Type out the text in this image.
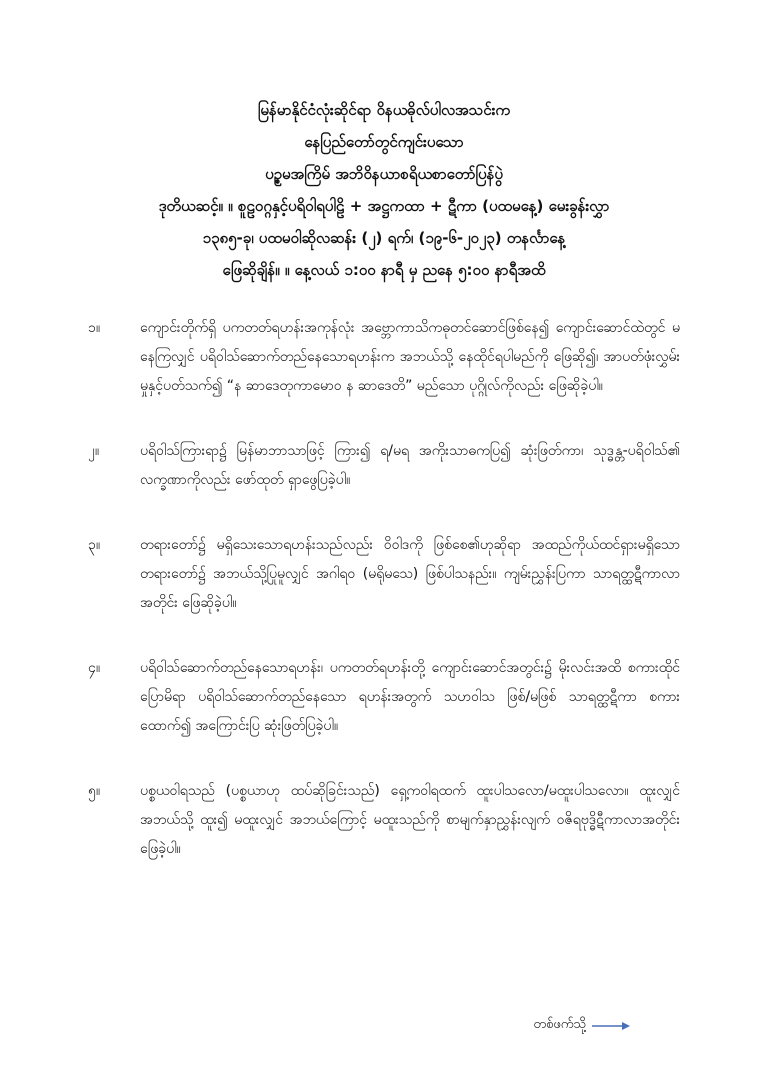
မြန်မာနိုင်ငံလုံးဆိုင်ရာ ဝိနယဓိုလ်ပါလအသင်းက
နေပြည်တော်တွင်ကျင်းပသော
ပဥ္စမအကြိမ် အဘိဝိနယာစရိယစာတော်ပြန်ပွဲ
ဒုတိယဆင့်။ ။ စူဠဝဂ္ဂနှင့်ပရိဝါရပါဠိ + အဋ္ဌကထာ + ဋီကာ (ပထမနေ့) မေးခွန်းလွှာ
၁၃၈၅-ခု၊ ပထမဝါဆိုလဆန်း (၂) ရက်၊ (၁၉-၆-၂၀၂၃) တနင်္လာနေ့
ဖြေဆိုချိန်။ ။ နေ့လယ် ၁:၀၀ နာရီ မှ ညနေ ၅:၀၀ နာရီအထိ
၁။	ကျောင်းတိုက်ရှိ ပကတတ်ရဟန်းအကုန်လုံး အဗ္ဘောကာသိကဓုတင်ဆောင်ဖြစ်နေ၍ ကျောင်းဆောင်ထဲတွင် မနေကြလျှင် ပရိဝါသ်ဆောက်တည်နေသောရဟန်းက အဘယ်သို့ နေထိုင်ရပါမည်ကို ဖြေဆို၍၊ အာပတ်ဖုံးလွှမ်းမှုနှင့်ပတ်သက်၍ “န ဆာဒေတုကာမောဝ န ဆာဒေတိ” မည်သော ပုဂ္ဂိုလ်ကိုလည်း ဖြေဆိုခဲ့ပါ။
၂။	ပရိဝါသ်ကြားရာ၌ မြန်မာဘာသာဖြင့် ကြား၍ ရ/မရ အကိုးသာဓကပြ၍ ဆုံးဖြတ်ကာ၊ သုဒ္ဓန္တ-ပရိဝါသ်၏ လက္ခဏာကိုလည်း ဖော်ထုတ် ရှာဖွေပြခဲ့ပါ။
၃။	တရားတော်၌ မရှိသေးသောရဟန်းသည်လည်း ဝိဝါဒကို ဖြစ်စေ၏ဟုဆိုရာ အထည်ကိုယ်ထင်ရှားမရှိသော တရားတော်၌ အဘယ်သို့ပြုမူလျှင် အဂါရဝ (မရိုမသေ) ဖြစ်ပါသနည်း။ ကျမ်းညွှန်းပြကာ သာရတ္ထဋီကာလာအတိုင်း ဖြေဆိုခဲ့ပါ။
၄။	ပရိဝါသ်ဆောက်တည်နေသောရဟန်း၊ ပကတတ်ရဟန်းတို့ ကျောင်းဆောင်အတွင်း၌ မိုးလင်းအထိ စကားထိုင်ပြောမိရာ ပရိဝါသ်ဆောက်တည်နေသော ရဟန်းအတွက် သဟဝါသ ဖြစ်/မဖြစ် သာရတ္ထဋီကာ စကားထောက်၍ အကြောင်းပြ ဆုံးဖြတ်ပြခဲ့ပါ။
၅။	ပစ္စယဝါရသည် (ပစ္စယာဟု ထပ်ဆိုခြင်းသည်) ရှေ့ကဝါရထက် ထူးပါသလော/မထူးပါသလော။ ထူးလျှင် အဘယ်သို့ ထူး၍ မထူးလျှင် အဘယ်ကြောင့် မထူးသည်ကို စာမျက်နှာညွှန်းလျက် ဝဇိရဗုဒ္ဓိဋီကာလာအတိုင်း ဖြေခဲ့ပါ။
တစ်ဖက်သို့
